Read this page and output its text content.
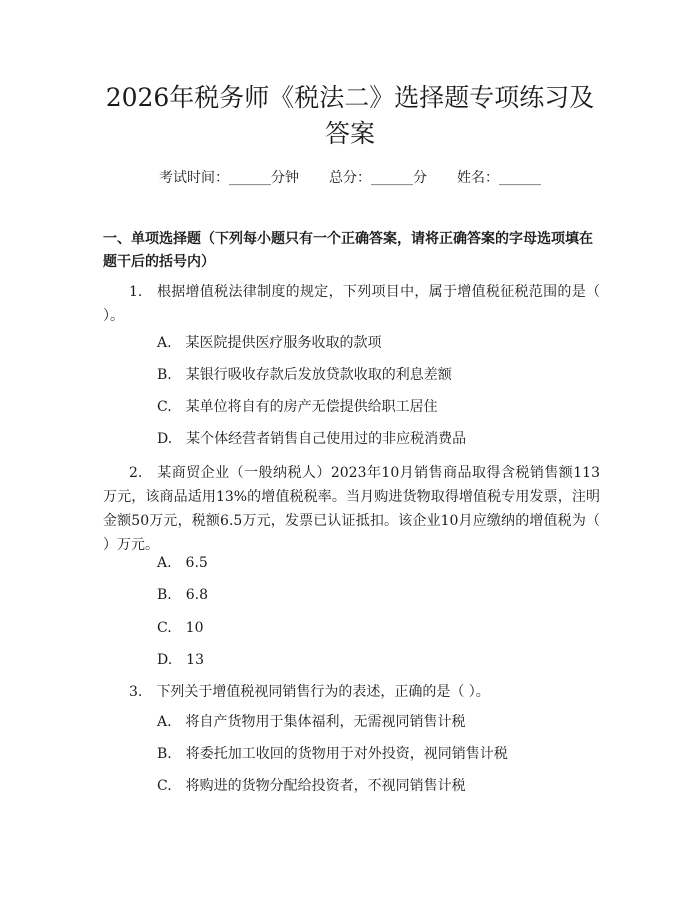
2026年税务师《税法二》选择题专项练习及
答案
考试时间：______分钟 总分：______分 姓名：______

一、单项选择题（下列每小题只有一个正确答案，请将正确答案的字母选项填在题干后的括号内）

1.　根据增值税法律制度的规定，下列项目中，属于增值税征税范围的是（ ）。

A.　某医院提供医疗服务收取的款项

B.　某银行吸收存款后发放贷款收取的利息差额

C.　某单位将自有的房产无偿提供给职工居住

D.　某个体经营者销售自己使用过的非应税消费品

2.　某商贸企业（一般纳税人）2023年10月销售商品取得含税销售额113万元，该商品适用13%的增值税税率。当月购进货物取得增值税专用发票，注明金额50万元，税额6.5万元，发票已认证抵扣。该企业10月应缴纳的增值税为（ ）万元。

A.　6.5

B.　6.8

C.　10

D.　13

3.　下列关于增值税视同销售行为的表述，正确的是（ ）。

A.　将自产货物用于集体福利，无需视同销售计税

B.　将委托加工收回的货物用于对外投资，视同销售计税

C.　将购进的货物分配给投资者，不视同销售计税
